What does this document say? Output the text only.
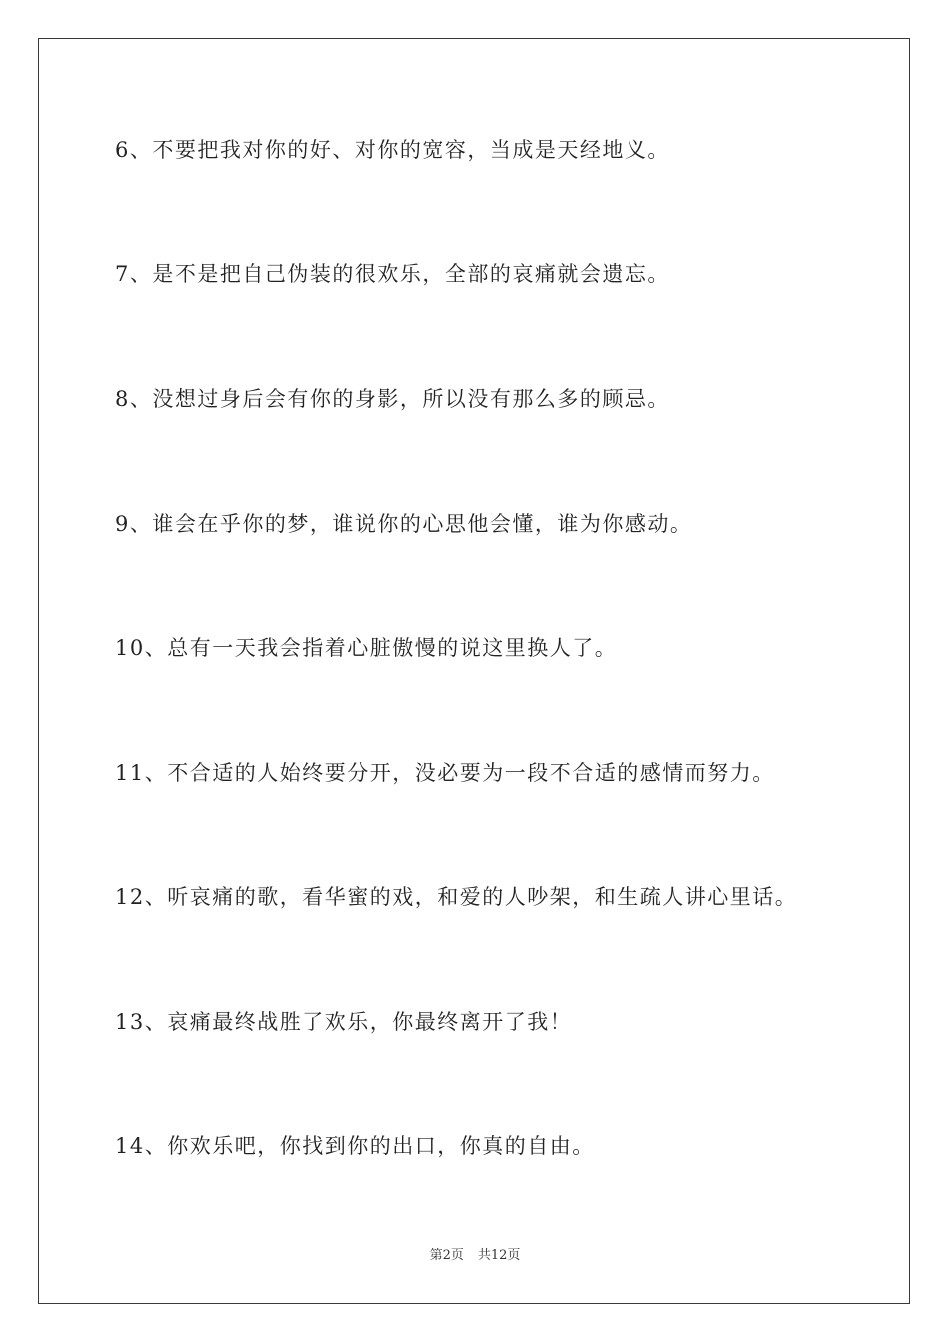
6、不要把我对你的好、对你的宽容，当成是天经地义。
7、是不是把自己伪装的很欢乐，全部的哀痛就会遗忘。
8、没想过身后会有你的身影，所以没有那么多的顾忌。
9、谁会在乎你的梦，谁说你的心思他会懂，谁为你感动。
10、总有一天我会指着心脏傲慢的说这里换人了。
11、不合适的人始终要分开，没必要为一段不合适的感情而努力。
12、听哀痛的歌，看华蜜的戏，和爱的人吵架，和生疏人讲心里话。
13、哀痛最终战胜了欢乐，你最终离开了我！
14、你欢乐吧，你找到你的出口，你真的自由。
第2页 共12页
